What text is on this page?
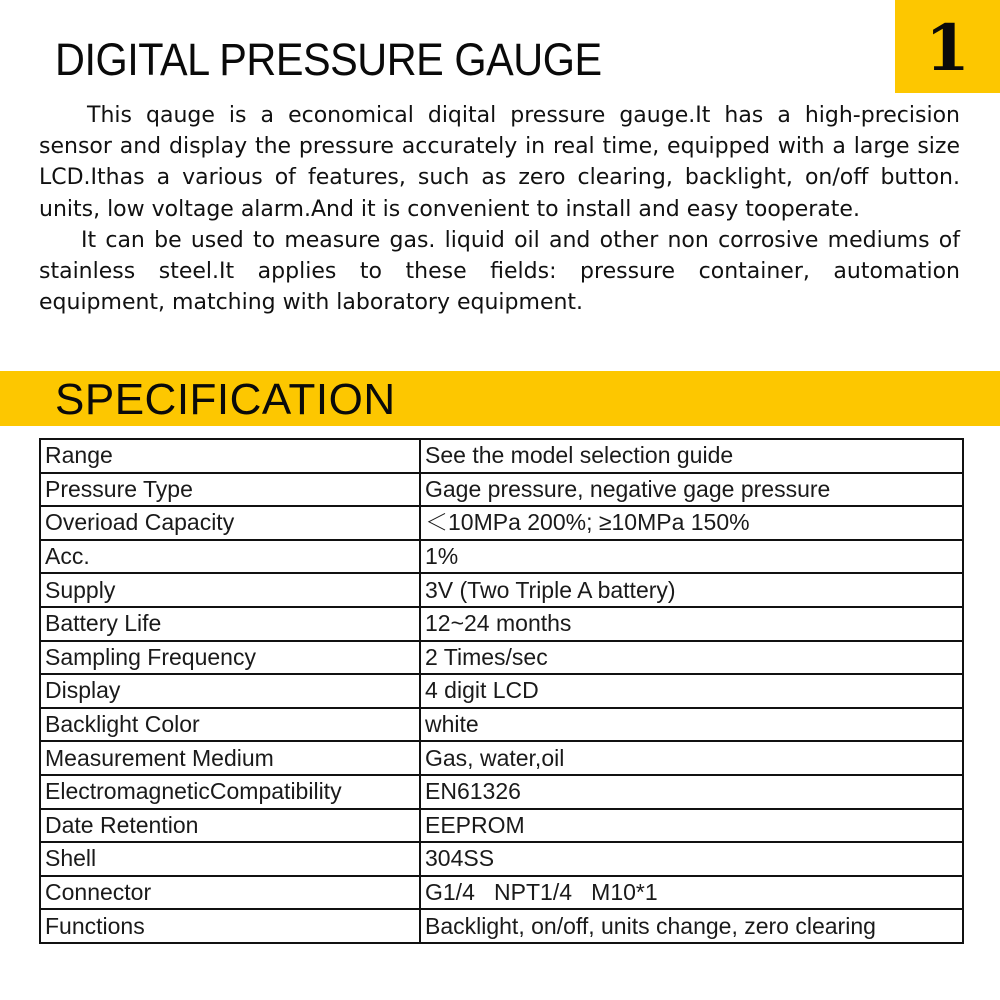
DIGITAL PRESSURE GAUGE	1

This qauge is a economical diqital pressure gauge.It has a high-precision sensor and display the pressure accurately in real time, equipped with a large size LCD.Ithas a various of features, such as zero clearing, backlight, on/off button. units, low voltage alarm.And it is convenient to install and easy tooperate.

It can be used to measure gas. liquid oil and other non corrosive mediums of stainless steel.It applies to these fields: pressure container, automation equipment, matching with laboratory equipment.

SPECIFICATION
Range	See the model selection guide
Pressure Type	Gage pressure, negative gage pressure
Overioad Capacity	＜10MPa 200%; ≥10MPa 150%
Acc.	1%
Supply	3V (Two Triple A battery)
Battery Life	12~24 months
Sampling Frequency	2 Times/sec
Display	4 digit LCD
Backlight Color	white
Measurement Medium	Gas, water,oil
ElectromagneticCompatibility	EN61326
Date Retention	EEPROM
Shell	304SS
Connector	G1/4   NPT1/4   M10*1
Functions	Backlight, on/off, units change, zero clearing
